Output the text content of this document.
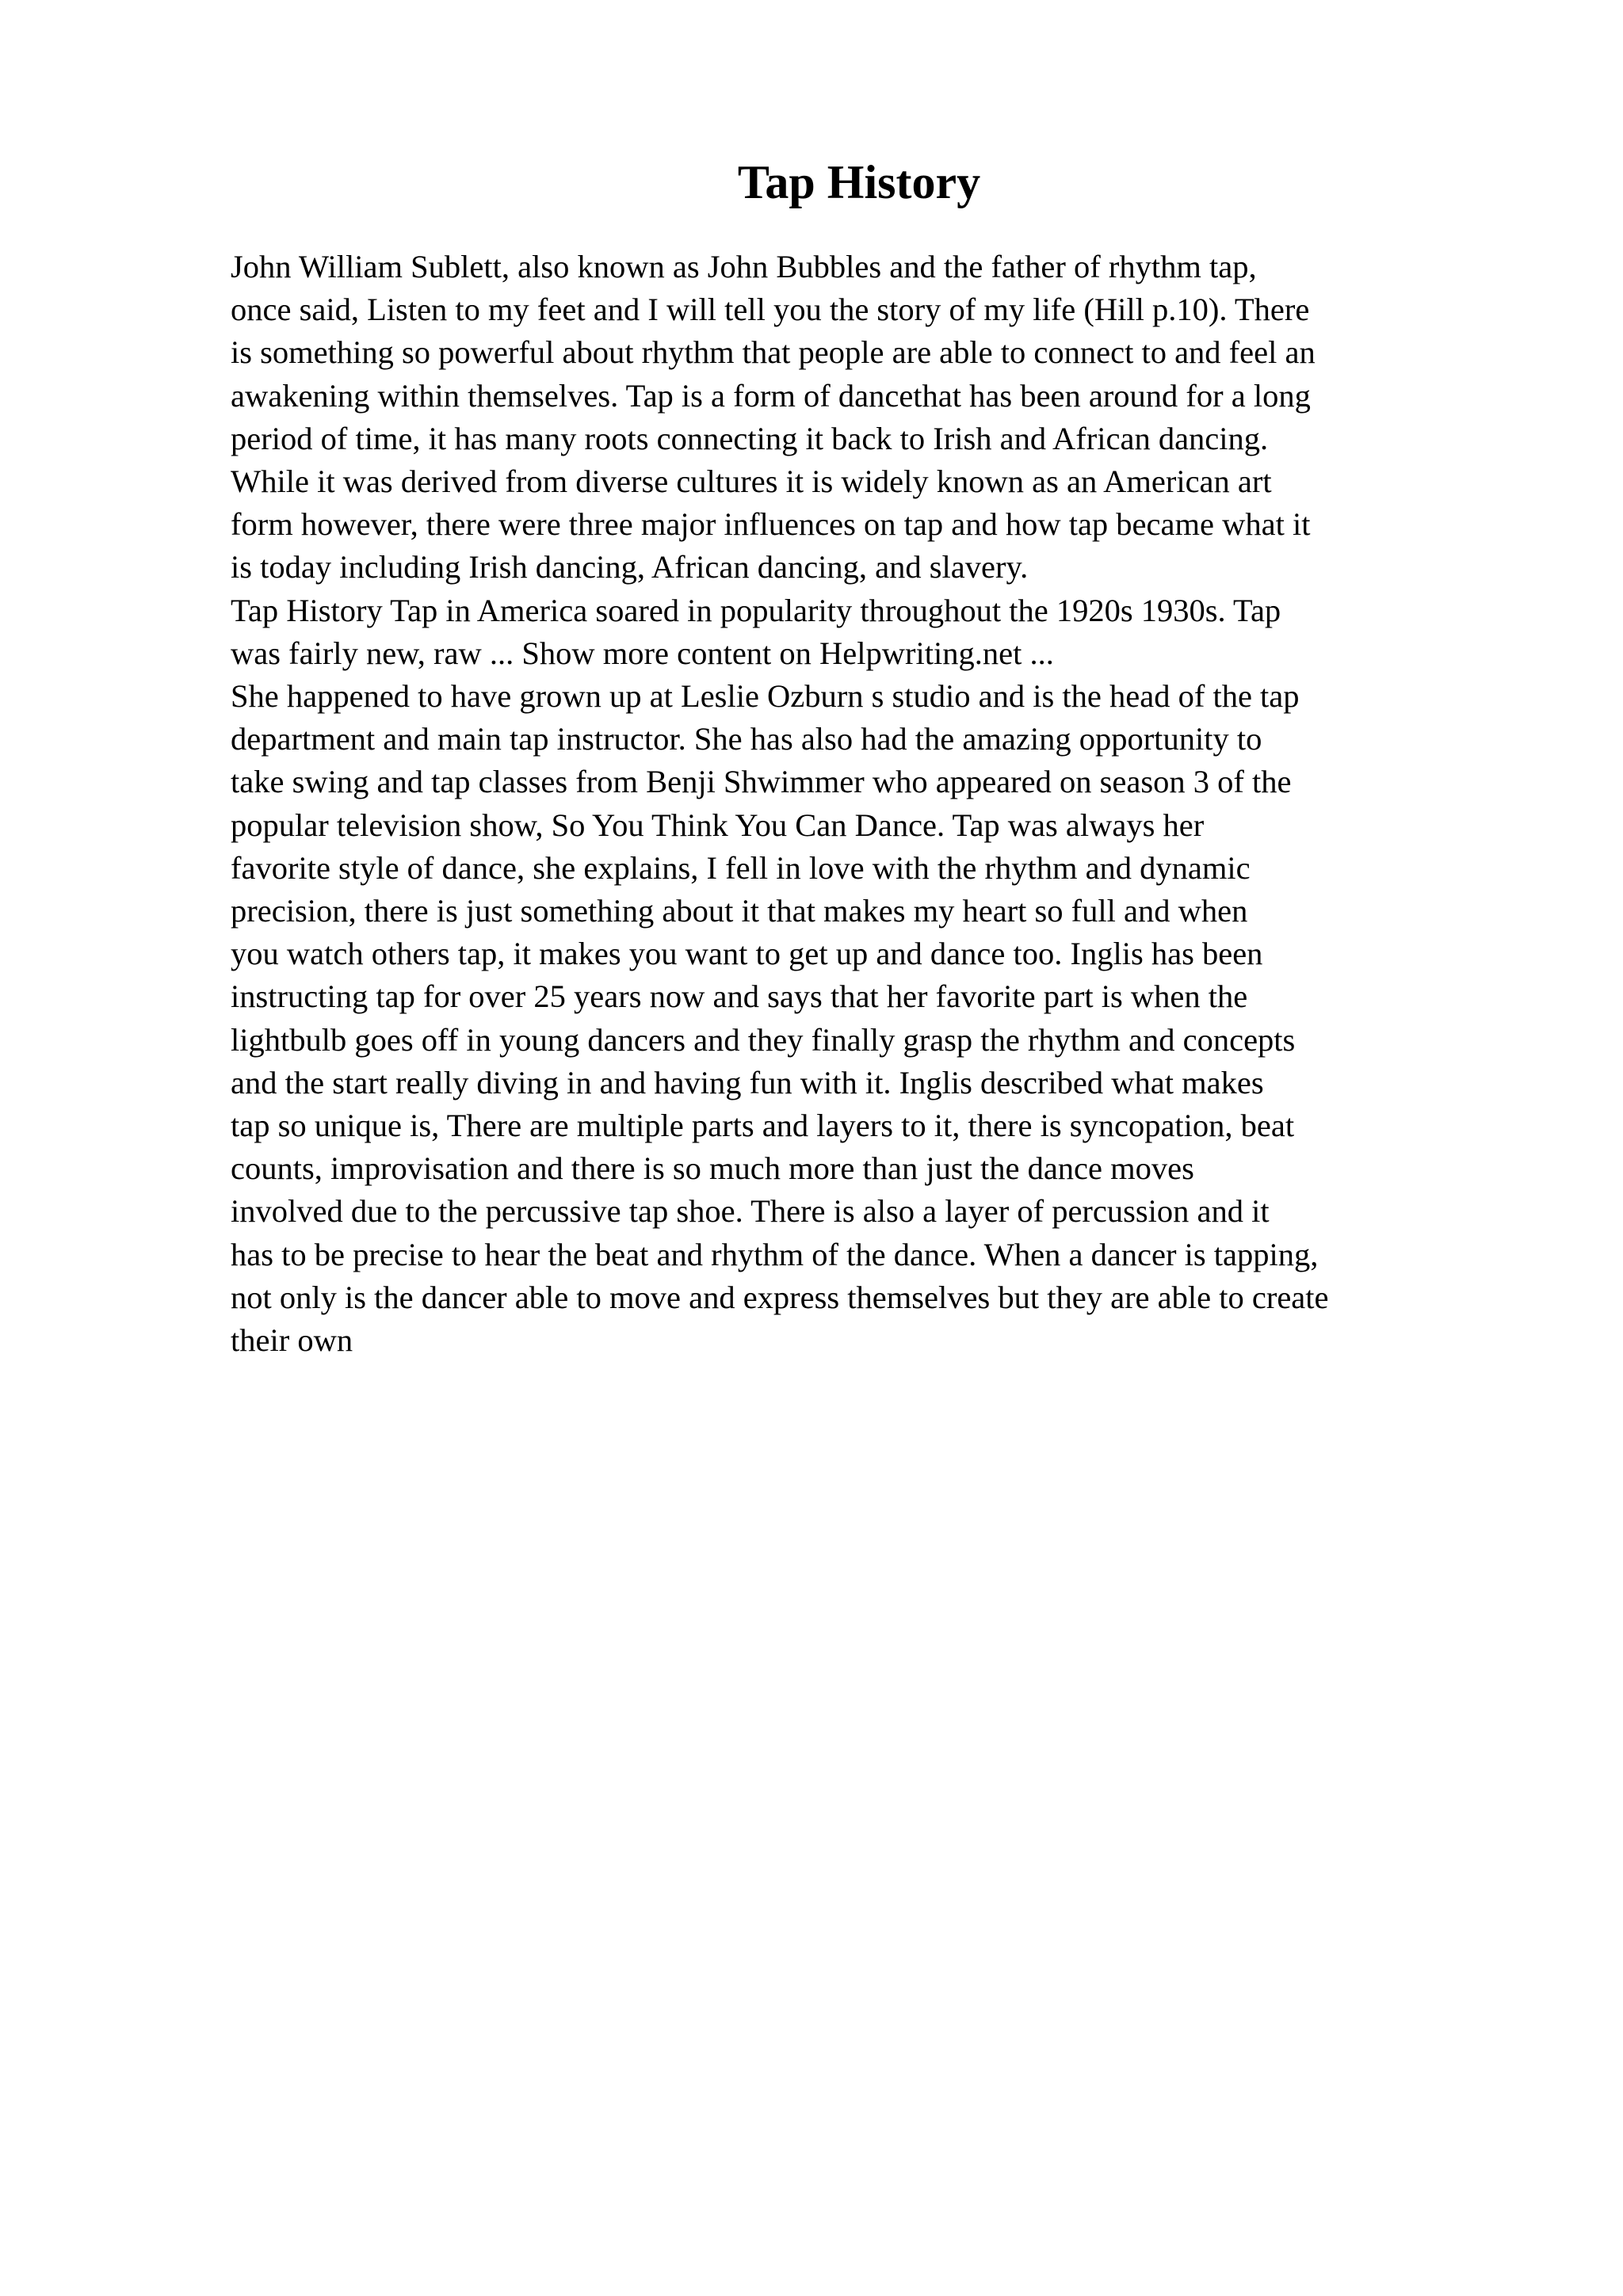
Tap History
John William Sublett, also known as John Bubbles and the father of rhythm tap,
once said, Listen to my feet and I will tell you the story of my life (Hill p.10). There
is something so powerful about rhythm that people are able to connect to and feel an
awakening within themselves. Tap is a form of dancethat has been around for a long
period of time, it has many roots connecting it back to Irish and African dancing.
While it was derived from diverse cultures it is widely known as an American art
form however, there were three major influences on tap and how tap became what it
is today including Irish dancing, African dancing, and slavery.
Tap History Tap in America soared in popularity throughout the 1920s 1930s. Tap
was fairly new, raw ... Show more content on Helpwriting.net ...
She happened to have grown up at Leslie Ozburn s studio and is the head of the tap
department and main tap instructor. She has also had the amazing opportunity to
take swing and tap classes from Benji Shwimmer who appeared on season 3 of the
popular television show, So You Think You Can Dance. Tap was always her
favorite style of dance, she explains, I fell in love with the rhythm and dynamic
precision, there is just something about it that makes my heart so full and when
you watch others tap, it makes you want to get up and dance too. Inglis has been
instructing tap for over 25 years now and says that her favorite part is when the
lightbulb goes off in young dancers and they finally grasp the rhythm and concepts
and the start really diving in and having fun with it. Inglis described what makes
tap so unique is, There are multiple parts and layers to it, there is syncopation, beat
counts, improvisation and there is so much more than just the dance moves
involved due to the percussive tap shoe. There is also a layer of percussion and it
has to be precise to hear the beat and rhythm of the dance. When a dancer is tapping,
not only is the dancer able to move and express themselves but they are able to create
their own
